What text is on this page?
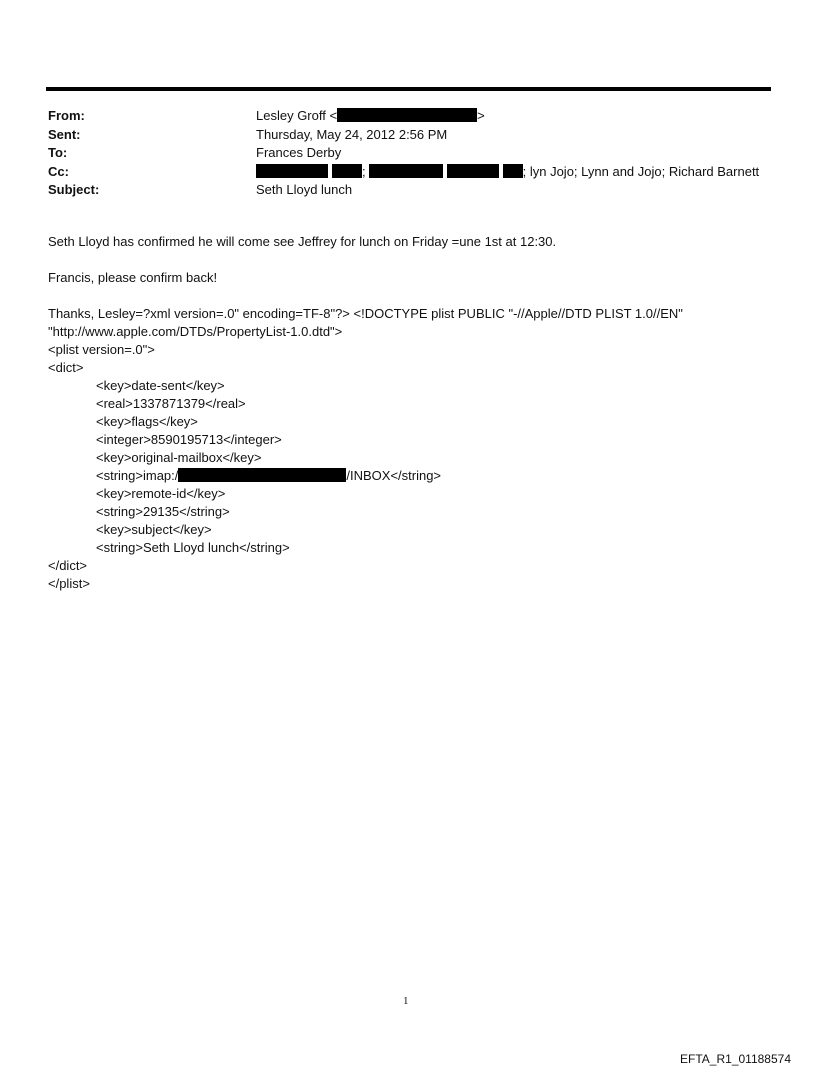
From:	Lesley Groff <	>
Sent:	Thursday, May 24, 2012 2:56 PM
To:	Frances Derby
Cc:	;	; lyn Jojo; Lynn and Jojo; Richard Barnett
Subject:	Seth Lloyd lunch
Seth Lloyd has confirmed he will come see Jeffrey for lunch on Friday =une 1st at 12:30.
Francis, please confirm back!
Thanks, Lesley=?xml version=.0" encoding=TF-8"?> <!DOCTYPE plist PUBLIC "-//Apple//DTD PLIST 1.0//EN"
"http://www.apple.com/DTDs/PropertyList-1.0.dtd">
<plist version=.0">
<dict>
<key>date-sent</key>
<real>1337871379</real>
<key>flags</key>
<integer>8590195713</integer>
<key>original-mailbox</key>
<string>imap:/	/INBOX</string>
<key>remote-id</key>
<string>29135</string>
<key>subject</key>
<string>Seth Lloyd lunch</string>
</dict>
</plist>
1
EFTA_R1_01188574
